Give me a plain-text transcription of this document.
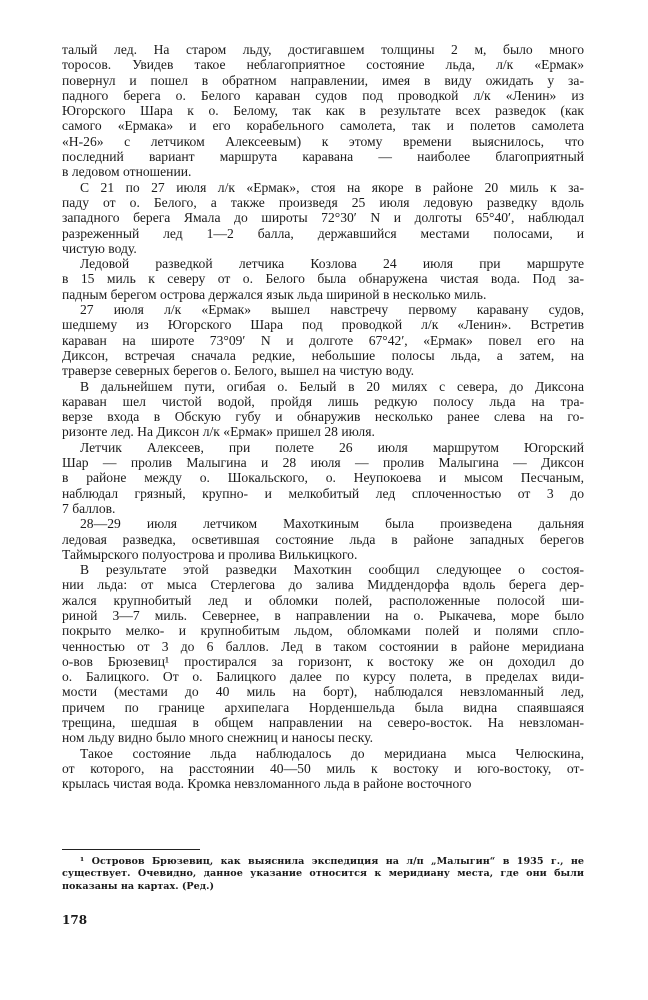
талый лед. На старом льду, достигавшем толщины 2 м, было много
торосов. Увидев такое неблагоприятное состояние льда, л/к «Ермак»
повернул и пошел в обратном направлении, имея в виду ожидать у за-
падного берега о. Белого караван судов под проводкой л/к «Ленин» из
Югорского Шара к о. Белому, так как в результате всех разведок (как
самого «Ермака» и его корабельного самолета, так и полетов самолета
«Н-26» с летчиком Алексеевым) к этому времени выяснилось, что
последний вариант маршрута каравана — наиболее благоприятный
в ледовом отношении.
С 21 по 27 июля л/к «Ермак», стоя на якоре в районе 20 миль к за-
паду от о. Белого, а также произведя 25 июля ледовую разведку вдоль
западного берега Ямала до широты 72°30′ N и долготы 65°40′, наблюдал
разреженный лед 1—2 балла, державшийся местами полосами, и
чистую воду.
Ледовой разведкой летчика Козлова 24 июля при маршруте
в 15 миль к северу от о. Белого была обнаружена чистая вода. Под за-
падным берегом острова держался язык льда шириной в несколько миль.
27 июля л/к «Ермак» вышел навстречу первому каравану судов,
шедшему из Югорского Шара под проводкой л/к «Ленин». Встретив
караван на широте 73°09′ N и долготе 67°42′, «Ермак» повел его на
Диксон, встречая сначала редкие, небольшие полосы льда, а затем, на
траверзе северных берегов о. Белого, вышел на чистую воду.
В дальнейшем пути, огибая о. Белый в 20 милях с севера, до Диксона
караван шел чистой водой, пройдя лишь редкую полосу льда на тра-
верзе входа в Обскую губу и обнаружив несколько ранее слева на го-
ризонте лед. На Диксон л/к «Ермак» пришел 28 июля.
Летчик Алексеев, при полете 26 июля маршрутом Югорский
Шар — пролив Малыгина и 28 июля — пролив Малыгина — Диксон
в районе между о. Шокальского, о. Неупокоева и мысом Песчаным,
наблюдал грязный, крупно- и мелкобитый лед сплоченностью от 3 до
7 баллов.
28—29 июля летчиком Махоткиным была произведена дальняя
ледовая разведка, осветившая состояние льда в районе западных берегов
Таймырского полуострова и пролива Вилькицкого.
В результате этой разведки Махоткин сообщил следующее о состоя-
нии льда: от мыса Стерлегова до залива Миддендорфа вдоль берега дер-
жался крупнобитый лед и обломки полей, расположенные полосой ши-
риной 3—7 миль. Севернее, в направлении на о. Рыкачева, море было
покрыто мелко- и крупнобитым льдом, обломками полей и полями спло-
ченностью от 3 до 6 баллов. Лед в таком состоянии в районе меридиана
о-вов Брюзевиц¹ простирался за горизонт, к востоку же он доходил до
о. Балицкого. От о. Балицкого далее по курсу полета, в пределах види-
мости (местами до 40 миль на борт), наблюдался невзломанный лед,
причем по границе архипелага Норденшельда была видна спаявшаяся
трещина, шедшая в общем направлении на северо-восток. На невзломан-
ном льду видно было много снежниц и наносы песку.
Такое состояние льда наблюдалось до меридиана мыса Челюскина,
от которого, на расстоянии 40—50 миль к востоку и юго-востоку, от-
крылась чистая вода. Кромка невзломанного льда в районе восточного
¹ Островов Брюзевиц, как выяснила экспедиция на л/п „Малыгин“ в 1935 г., не
существует. Очевидно, данное указание относится к меридиану места, где они были
показаны на картах. (Ред.)
178
